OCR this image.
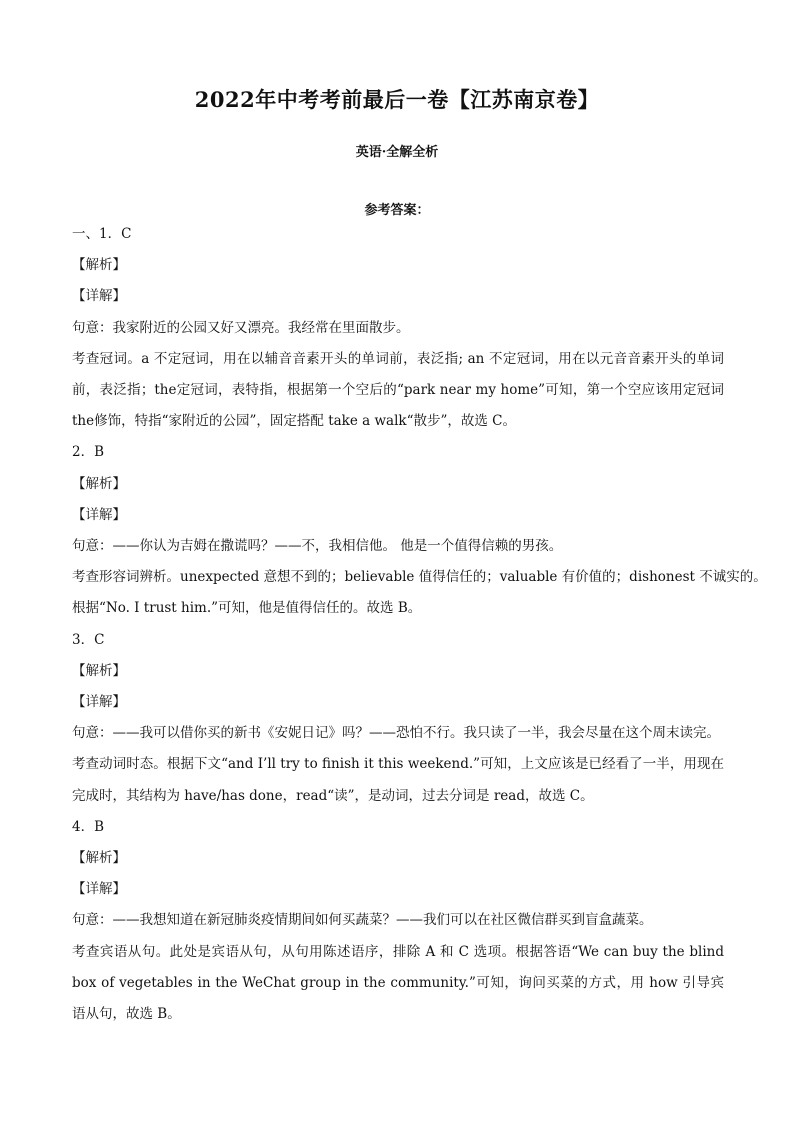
2022年中考考前最后一卷【江苏南京卷】
英语·全解全析
参考答案：
一、1．C
【解析】
【详解】
句意：我家附近的公园又好又漂亮。我经常在里面散步。
考查冠词。a 不定冠词，用在以辅音音素开头的单词前，表泛指; an 不定冠词，用在以元音音素开头的单词前，表泛指；the定冠词，表特指，根据第一个空后的“park near my home”可知，第一个空应该用定冠词 the修饰，特指“家附近的公园”，固定搭配 take a walk“散步”，故选 C。
2．B
【解析】
【详解】
句意：——你认为吉姆在撒谎吗？——不，我相信他。 他是一个值得信赖的男孩。
考查形容词辨析。unexpected 意想不到的；believable 值得信任的；valuable 有价值的；dishonest 不诚实的。
根据“No. I trust him.”可知，他是值得信任的。故选 B。
3．C
【解析】
【详解】
句意：——我可以借你买的新书《安妮日记》吗？——恐怕不行。我只读了一半，我会尽量在这个周末读完。
考查动词时态。根据下文“and I’ll try to finish it this weekend.”可知，上文应该是已经看了一半，用现在完成时，其结构为 have/has done，read“读”，是动词，过去分词是 read，故选 C。
4．B
【解析】
【详解】
句意：——我想知道在新冠肺炎疫情期间如何买蔬菜？——我们可以在社区微信群买到盲盒蔬菜。
考查宾语从句。此处是宾语从句，从句用陈述语序，排除 A 和 C 选项。根据答语“We can buy the blind box of vegetables in the WeChat group in the community.”可知，询问买菜的方式，用 how 引导宾语从句，故选 B。
